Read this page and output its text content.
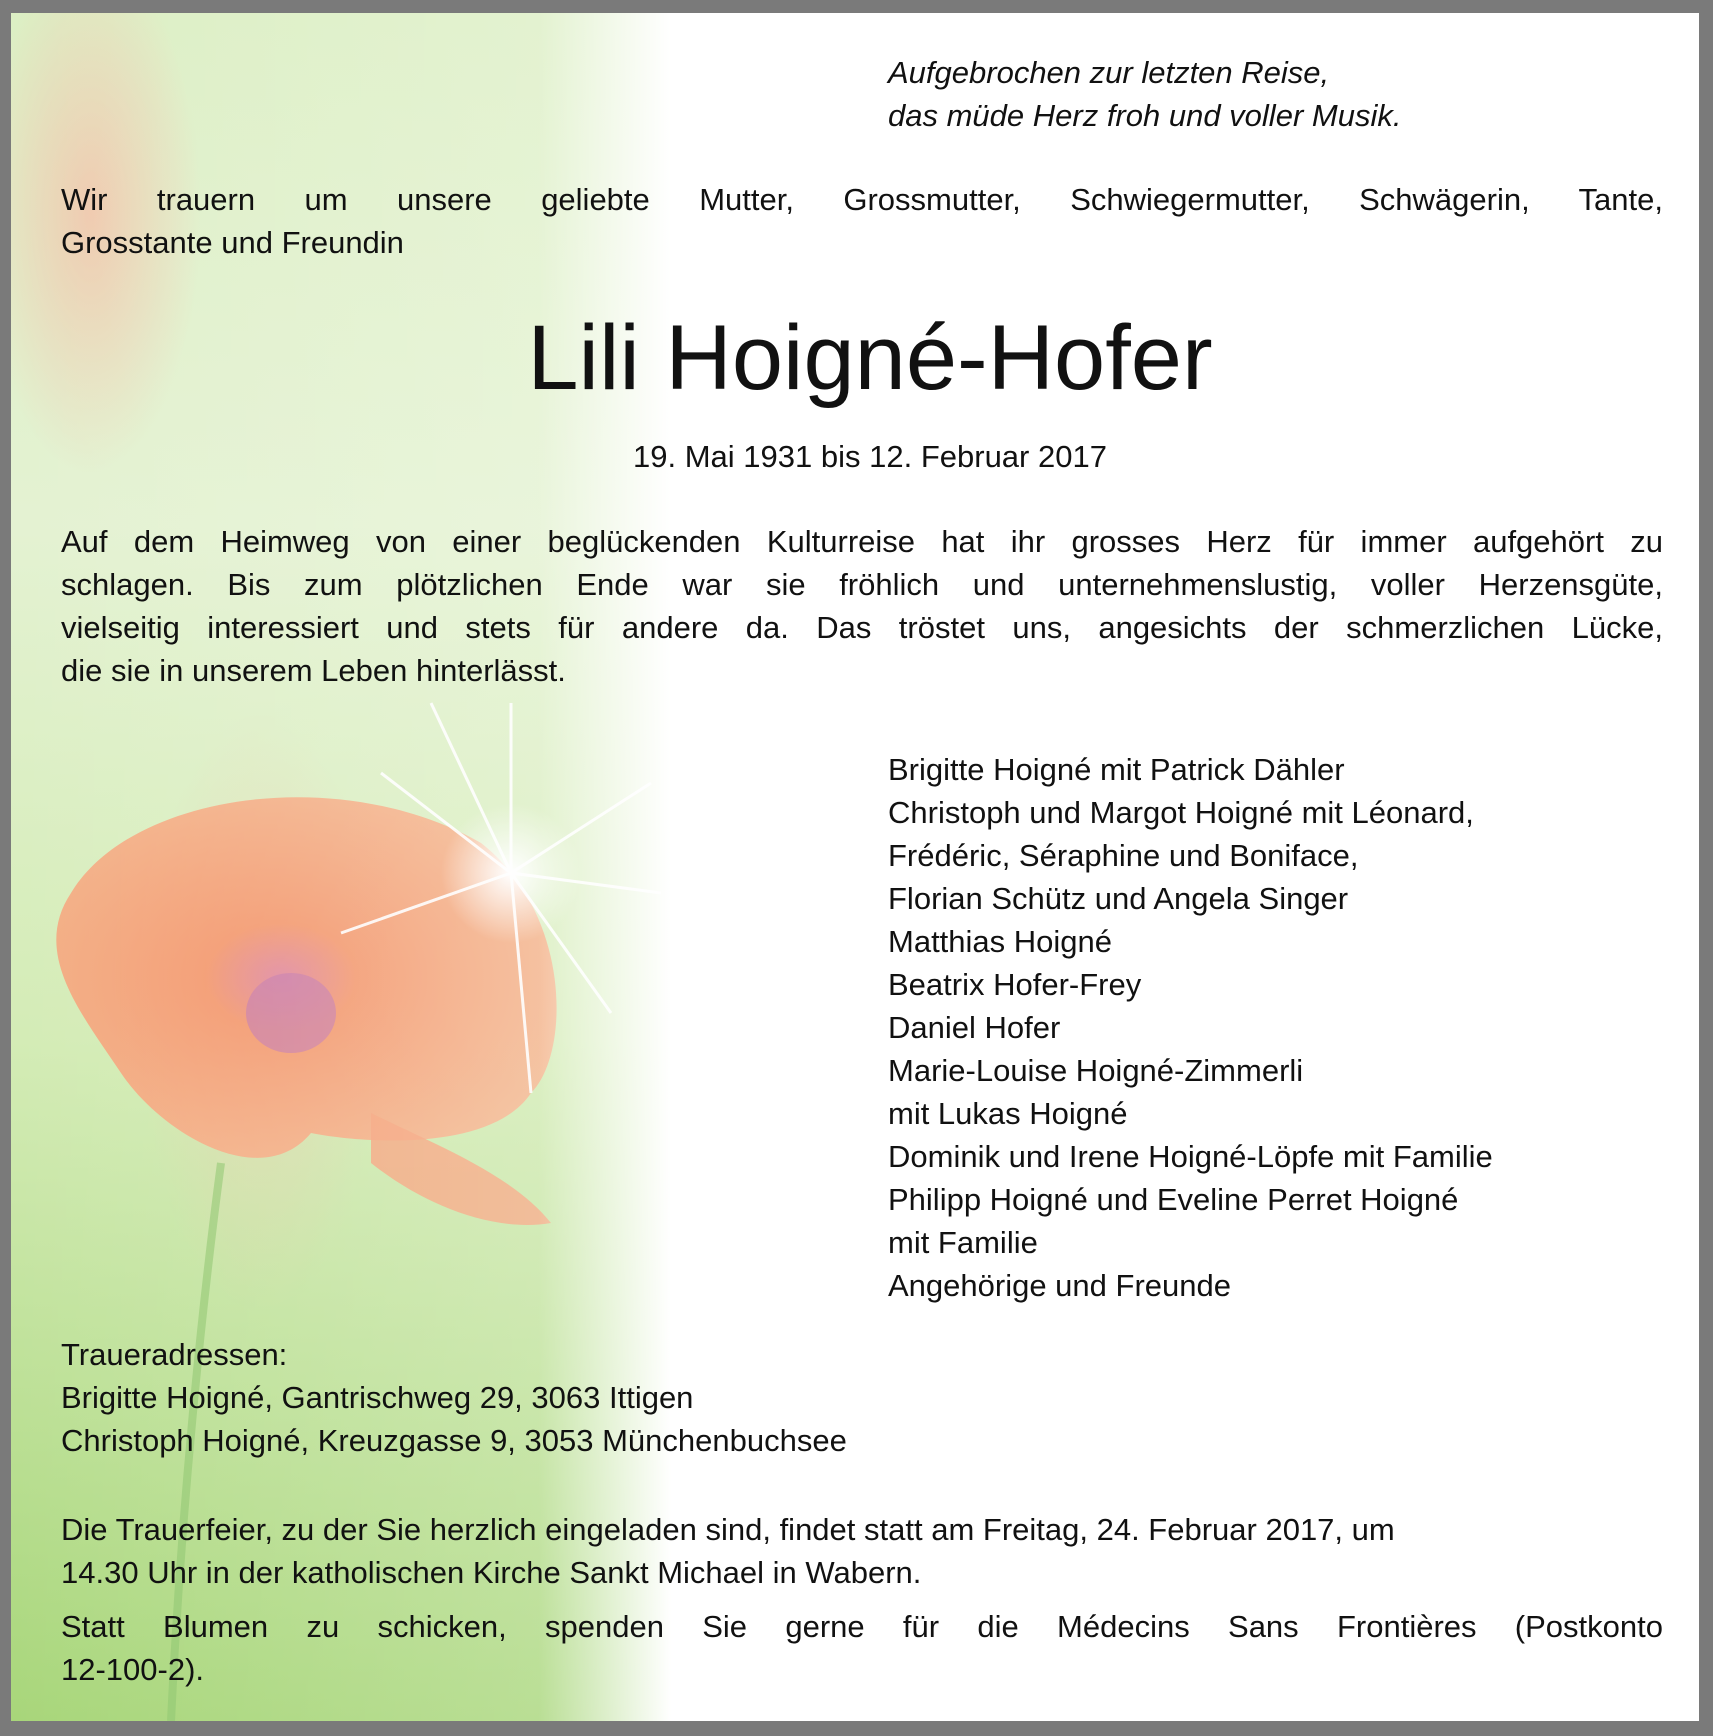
Aufgebrochen zur letzten Reise,
das müde Herz froh und voller Musik.
Wir trauern um unsere geliebte Mutter, Grossmutter, Schwiegermutter, Schwägerin, Tante,
Grosstante und Freundin
Lili Hoigné-Hofer
19. Mai 1931 bis 12. Februar 2017
Auf dem Heimweg von einer beglückenden Kulturreise hat ihr grosses Herz für immer aufgehört zu
schlagen. Bis zum plötzlichen Ende war sie fröhlich und unternehmenslustig, voller Herzensgüte,
vielseitig interessiert und stets für andere da. Das tröstet uns, angesichts der schmerzlichen Lücke,
die sie in unserem Leben hinterlässt.
Brigitte Hoigné mit Patrick Dähler
Christoph und Margot Hoigné mit Léonard,
Frédéric, Séraphine und Boniface,
Florian Schütz und Angela Singer
Matthias Hoigné
Beatrix Hofer-Frey
Daniel Hofer
Marie-Louise Hoigné-Zimmerli
mit Lukas Hoigné
Dominik und Irene Hoigné-Löpfe mit Familie
Philipp Hoigné und Eveline Perret Hoigné
mit Familie
Angehörige und Freunde
Traueradressen:
Brigitte Hoigné, Gantrischweg 29, 3063 Ittigen
Christoph Hoigné, Kreuzgasse 9, 3053 Münchenbuchsee
Die Trauerfeier, zu der Sie herzlich eingeladen sind, findet statt am Freitag, 24. Februar 2017, um
14.30 Uhr in der katholischen Kirche Sankt Michael in Wabern.
Statt Blumen zu schicken, spenden Sie gerne für die Médecins Sans Frontières (Postkonto
12-100-2).
